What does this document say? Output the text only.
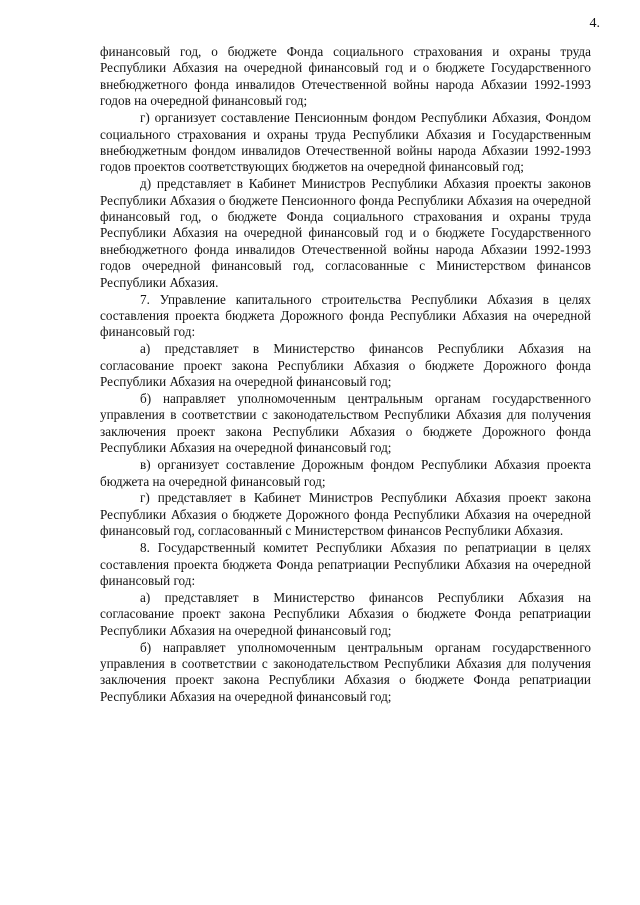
4.

финансовый год, о бюджете Фонда социального страхования и охраны труда Республики Абхазия на очередной финансовый год и о бюджете Государственного внебюджетного фонда инвалидов Отечественной войны народа Абхазии 1992-1993 годов на очередной финансовый год;

г) организует составление Пенсионным фондом Республики Абхазия, Фондом социального страхования и охраны труда Республики Абхазия и Государственным внебюджетным фондом инвалидов Отечественной войны народа Абхазии 1992-1993 годов проектов соответствующих бюджетов на очередной финансовый год;

д) представляет в Кабинет Министров Республики Абхазия проекты законов Республики Абхазия о бюджете Пенсионного фонда Республики Абхазия на очередной финансовый год, о бюджете Фонда социального страхования и охраны труда Республики Абхазия на очередной финансовый год и о бюджете Государственного внебюджетного фонда инвалидов Отечественной войны народа Абхазии 1992-1993 годов очередной финансовый год, согласованные с Министерством финансов Республики Абхазия.

7. Управление капитального строительства Республики Абхазия в целях составления проекта бюджета Дорожного фонда Республики Абхазия на очередной финансовый год:

а) представляет в Министерство финансов Республики Абхазия на согласование проект закона Республики Абхазия о бюджете Дорожного фонда Республики Абхазия на очередной финансовый год;

б) направляет уполномоченным центральным органам государственного управления в соответствии с законодательством Республики Абхазия для получения заключения проект закона Республики Абхазия о бюджете Дорожного фонда Республики Абхазия на очередной финансовый год;

в) организует составление Дорожным фондом Республики Абхазия проекта бюджета на очередной финансовый год;

г) представляет в Кабинет Министров Республики Абхазия проект закона Республики Абхазия о бюджете Дорожного фонда Республики Абхазия на очередной финансовый год, согласованный с Министерством финансов Республики Абхазия.

8. Государственный комитет Республики Абхазия по репатриации в целях составления проекта бюджета Фонда репатриации Республики Абхазия на очередной финансовый год:

а) представляет в Министерство финансов Республики Абхазия на согласование проект закона Республики Абхазия о бюджете Фонда репатриации Республики Абхазия на очередной финансовый год;

б) направляет уполномоченным центральным органам государственного управления в соответствии с законодательством Республики Абхазия для получения заключения проект закона Республики Абхазия о бюджете Фонда репатриации Республики Абхазия на очередной финансовый год;
